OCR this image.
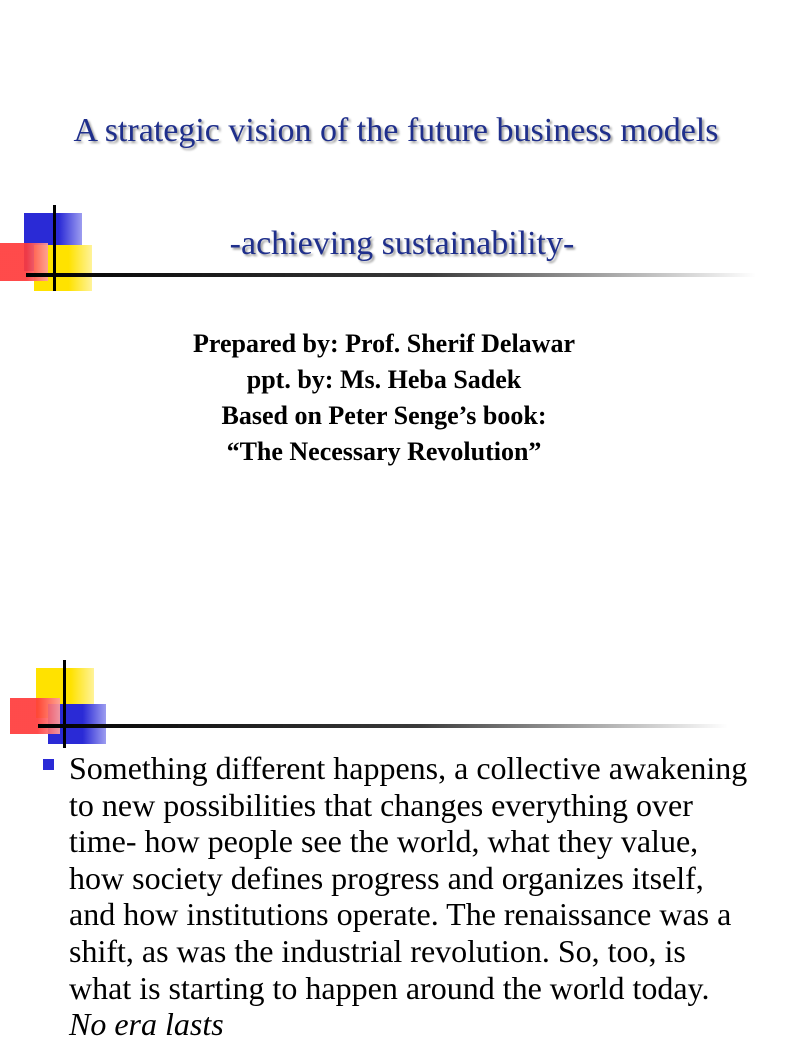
A strategic vision of the future business models
-achieving sustainability-
Prepared by: Prof. Sherif Delawar
ppt. by: Ms. Heba Sadek
Based on Peter Senge’s book:
“The Necessary Revolution”
Something different happens, a collective awakening to new possibilities that changes everything over time- how people see the world, what they value, how society defines progress and organizes itself, and how institutions operate. The renaissance was a shift, as was the industrial revolution. So, too, is what is starting to happen around the world today. No era lasts
